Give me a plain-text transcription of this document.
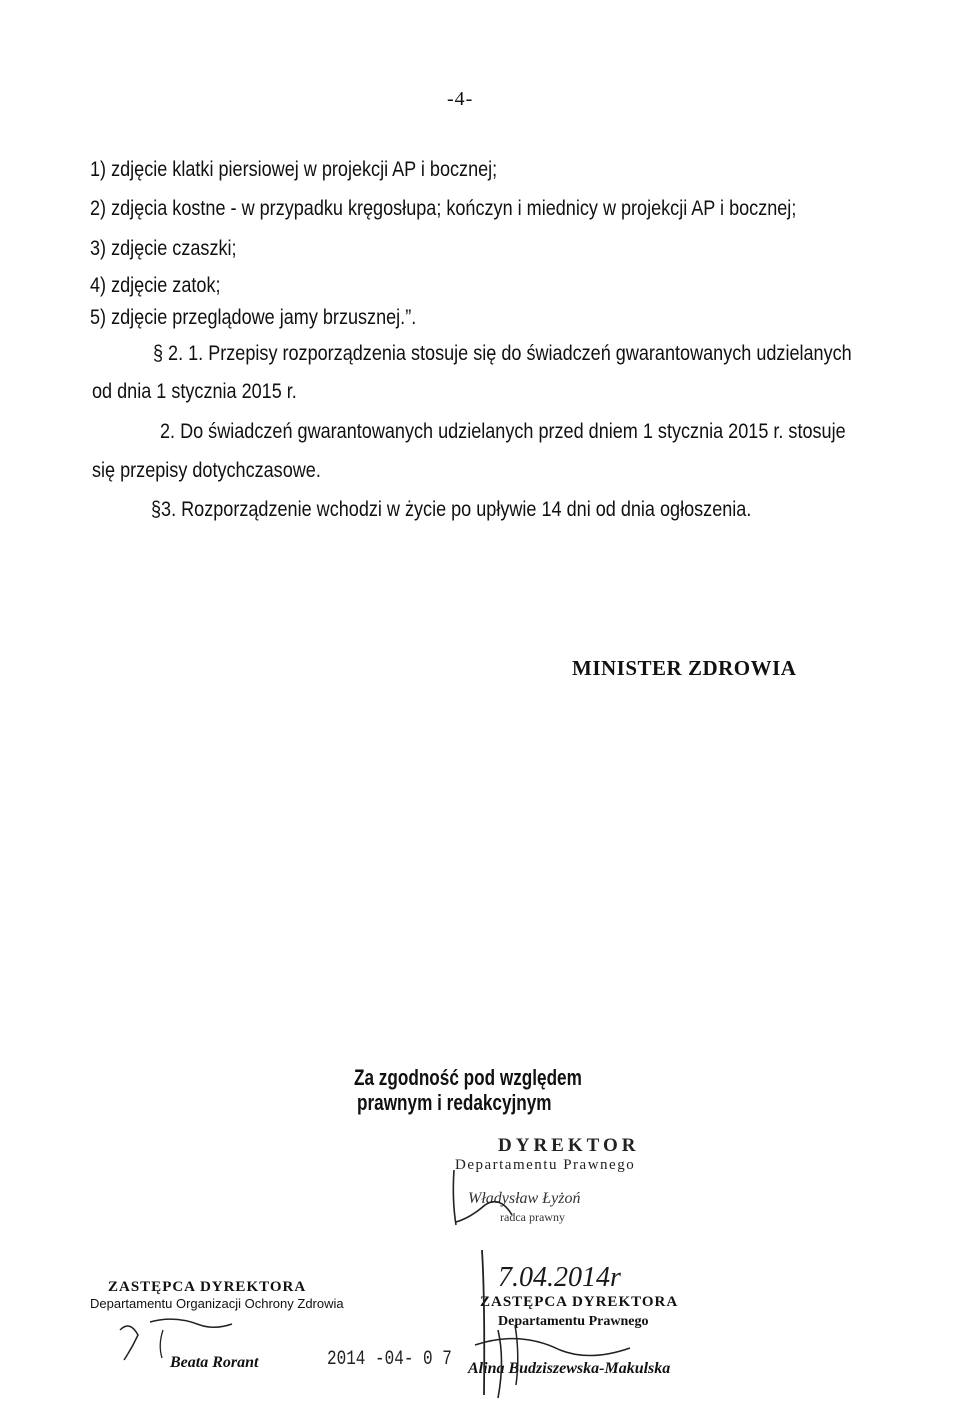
-4-
1) zdjęcie klatki piersiowej w projekcji AP i bocznej;
2) zdjęcia kostne - w przypadku kręgosłupa; kończyn i miednicy w projekcji AP i bocznej;
3) zdjęcie czaszki;
4) zdjęcie zatok;
5) zdjęcie przeglądowe jamy brzusznej.”.
§ 2. 1. Przepisy rozporządzenia stosuje się do świadczeń gwarantowanych udzielanych
od dnia 1 stycznia 2015 r.
2. Do świadczeń gwarantowanych udzielanych przed dniem 1 stycznia 2015 r. stosuje
się przepisy dotychczasowe.
§3. Rozporządzenie wchodzi w życie po upływie 14 dni od dnia ogłoszenia.
MINISTER ZDROWIA
Za zgodność pod względem
prawnym i redakcyjnym
DYREKTOR
Departamentu Prawnego
Władysław Łyżoń
radca prawny
ZASTĘPCA DYREKTORA
Departamentu Organizacji Ochrony Zdrowia
Beata Rorant	2014 -04- 0 7
7.04.2014r
ZASTĘPCA DYREKTORA
Departamentu Prawnego
Alina Budziszewska-Makulska
